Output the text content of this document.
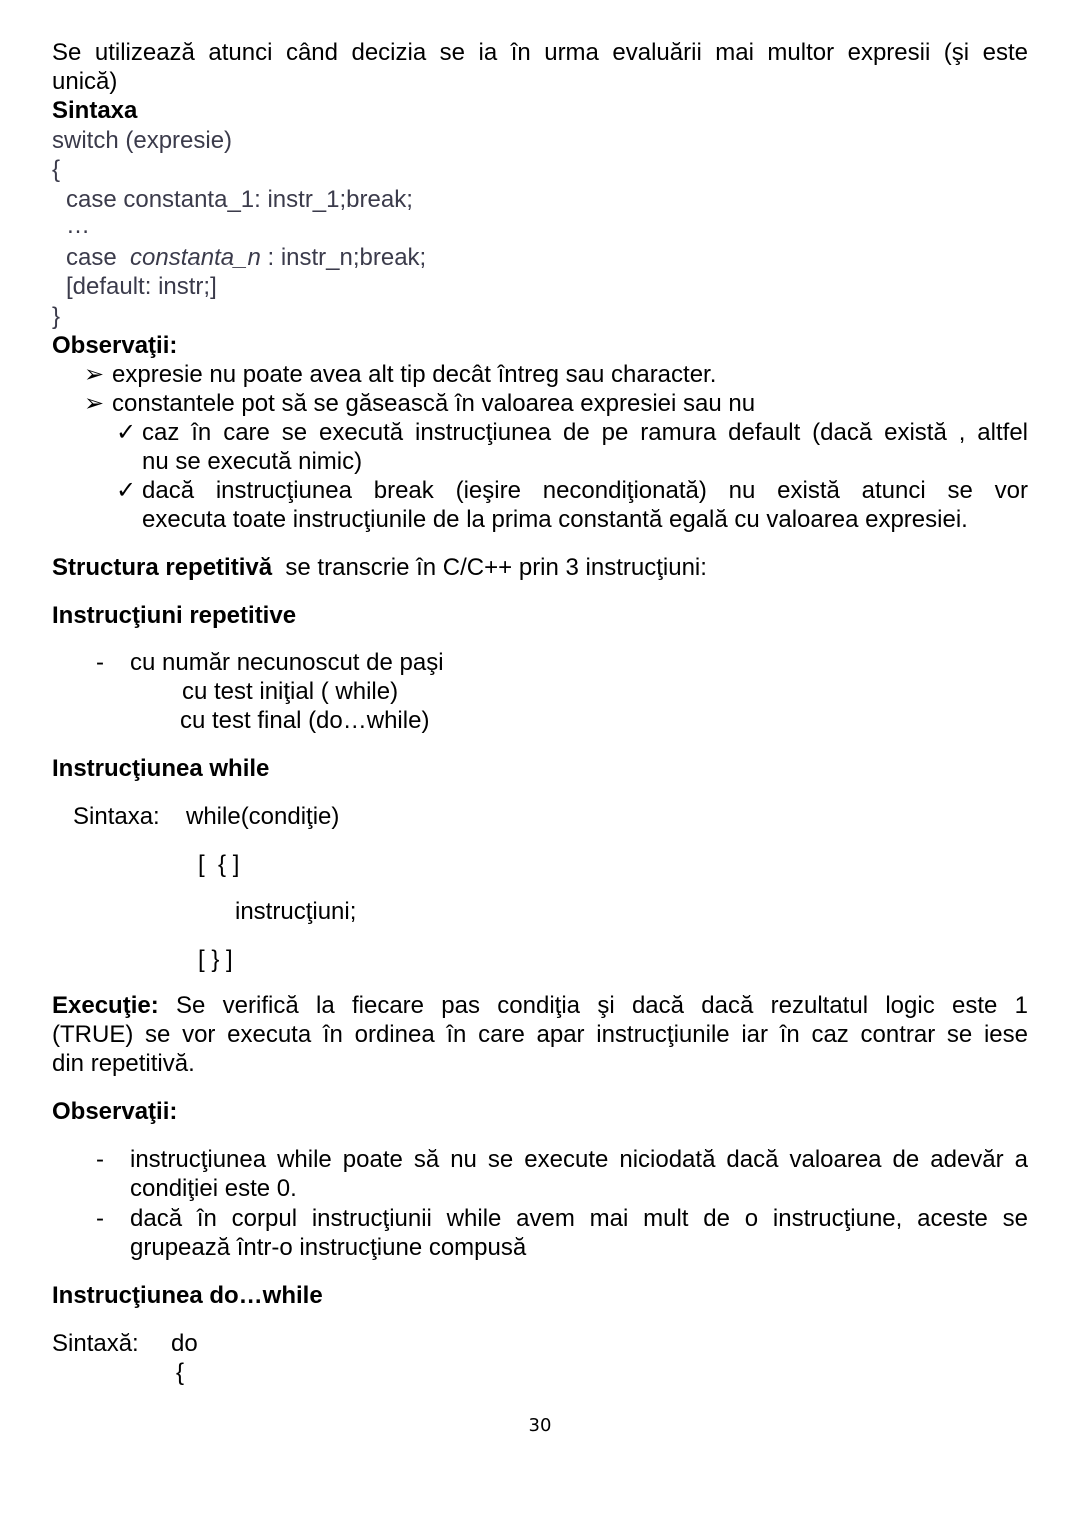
Se utilizează atunci când decizia se ia în urma evaluării mai multor expresii (şi este
unică)
Sintaxa
switch (expresie)
{
case constanta_1: instr_1;break;
…
case  constanta_n : instr_n;break;
[default: instr;]
}
Observaţii:
➢ expresie nu poate avea alt tip decât întreg sau character.
➢ constantele pot să se găsească în valoarea expresiei sau nu
✓ caz în care se execută instrucţiunea de pe ramura default (dacă există , altfel
nu se execută nimic)
✓ dacă instrucţiunea break (ieşire necondiţionată) nu există atunci se vor
executa toate instrucţiunile de la prima constantă egală cu valoarea expresiei.
Structura repetitivă  se transcrie în C/C++ prin 3 instrucţiuni:
Instrucţiuni repetitive
- cu număr necunoscut de paşi
cu test iniţial ( while)
cu test final (do…while)
Instrucţiunea while
Sintaxa: while(condiţie)
[  { ]
instrucţiuni;
[ } ]
Execuţie: Se verifică la fiecare pas condiţia şi dacă dacă rezultatul logic este 1
(TRUE) se vor executa în ordinea în care apar instrucţiunile iar în caz contrar se iese
din repetitivă.
Observaţii:
- instrucţiunea while poate să nu se execute niciodată dacă valoarea de adevăr a
condiţiei este 0.
- dacă în corpul instrucţiunii while avem mai mult de o instrucţiune, aceste se
grupează într-o instrucţiune compusă
Instrucţiunea do…while
Sintaxă: do
{
30
